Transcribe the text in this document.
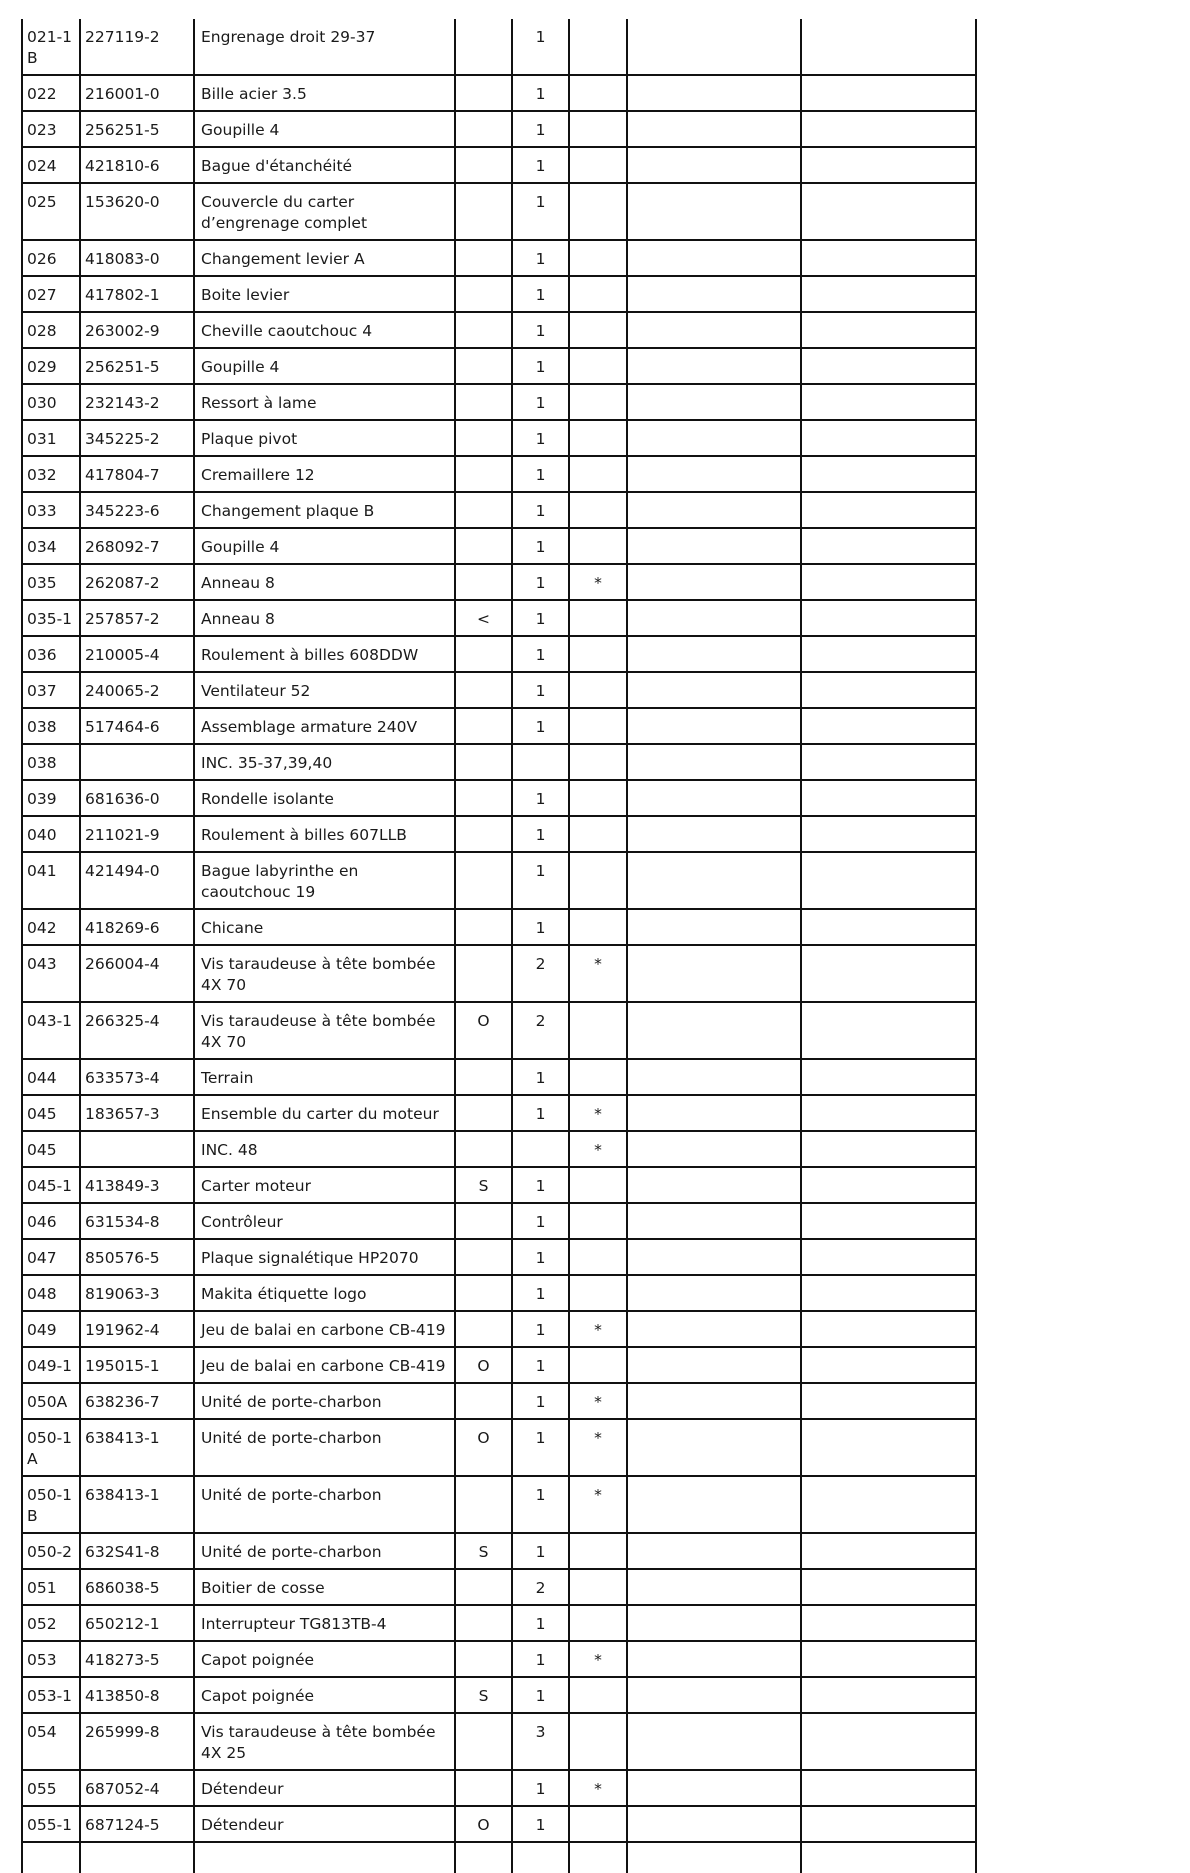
021-1 B	227119-2	Engrenage droit 29-37		1			
022	216001-0	Bille acier 3.5		1			
023	256251-5	Goupille 4		1			
024	421810-6	Bague d'étanchéité		1			
025	153620-0	Couvercle du carter d’engrenage complet		1			
026	418083-0	Changement levier A		1			
027	417802-1	Boite levier		1			
028	263002-9	Cheville caoutchouc 4		1			
029	256251-5	Goupille 4		1			
030	232143-2	Ressort à lame		1			
031	345225-2	Plaque pivot		1			
032	417804-7	Cremaillere 12		1			
033	345223-6	Changement plaque B		1			
034	268092-7	Goupille 4		1			
035	262087-2	Anneau 8		1	*		
035-1	257857-2	Anneau 8	<	1			
036	210005-4	Roulement à billes 608DDW		1			
037	240065-2	Ventilateur 52		1			
038	517464-6	Assemblage armature 240V		1			
038		INC. 35-37,39,40					
039	681636-0	Rondelle isolante		1			
040	211021-9	Roulement à billes 607LLB		1			
041	421494-0	Bague labyrinthe en caoutchouc 19		1			
042	418269-6	Chicane		1			
043	266004-4	Vis taraudeuse à tête bombée 4X 70		2	*		
043-1	266325-4	Vis taraudeuse à tête bombée 4X 70	O	2			
044	633573-4	Terrain		1			
045	183657-3	Ensemble du carter du moteur		1	*		
045		INC. 48			*		
045-1	413849-3	Carter moteur	S	1			
046	631534-8	Contrôleur		1			
047	850576-5	Plaque signalétique HP2070		1			
048	819063-3	Makita étiquette logo		1			
049	191962-4	Jeu de balai en carbone CB-419		1	*		
049-1	195015-1	Jeu de balai en carbone CB-419	O	1			
050A	638236-7	Unité de porte-charbon		1	*		
050-1 A	638413-1	Unité de porte-charbon	O	1	*		
050-1 B	638413-1	Unité de porte-charbon		1	*		
050-2	632S41-8	Unité de porte-charbon	S	1			
051	686038-5	Boitier de cosse		2			
052	650212-1	Interrupteur TG813TB-4		1			
053	418273-5	Capot poignée		1	*		
053-1	413850-8	Capot poignée	S	1			
054	265999-8	Vis taraudeuse à tête bombée 4X 25		3			
055	687052-4	Détendeur		1	*		
055-1	687124-5	Détendeur	O	1			
